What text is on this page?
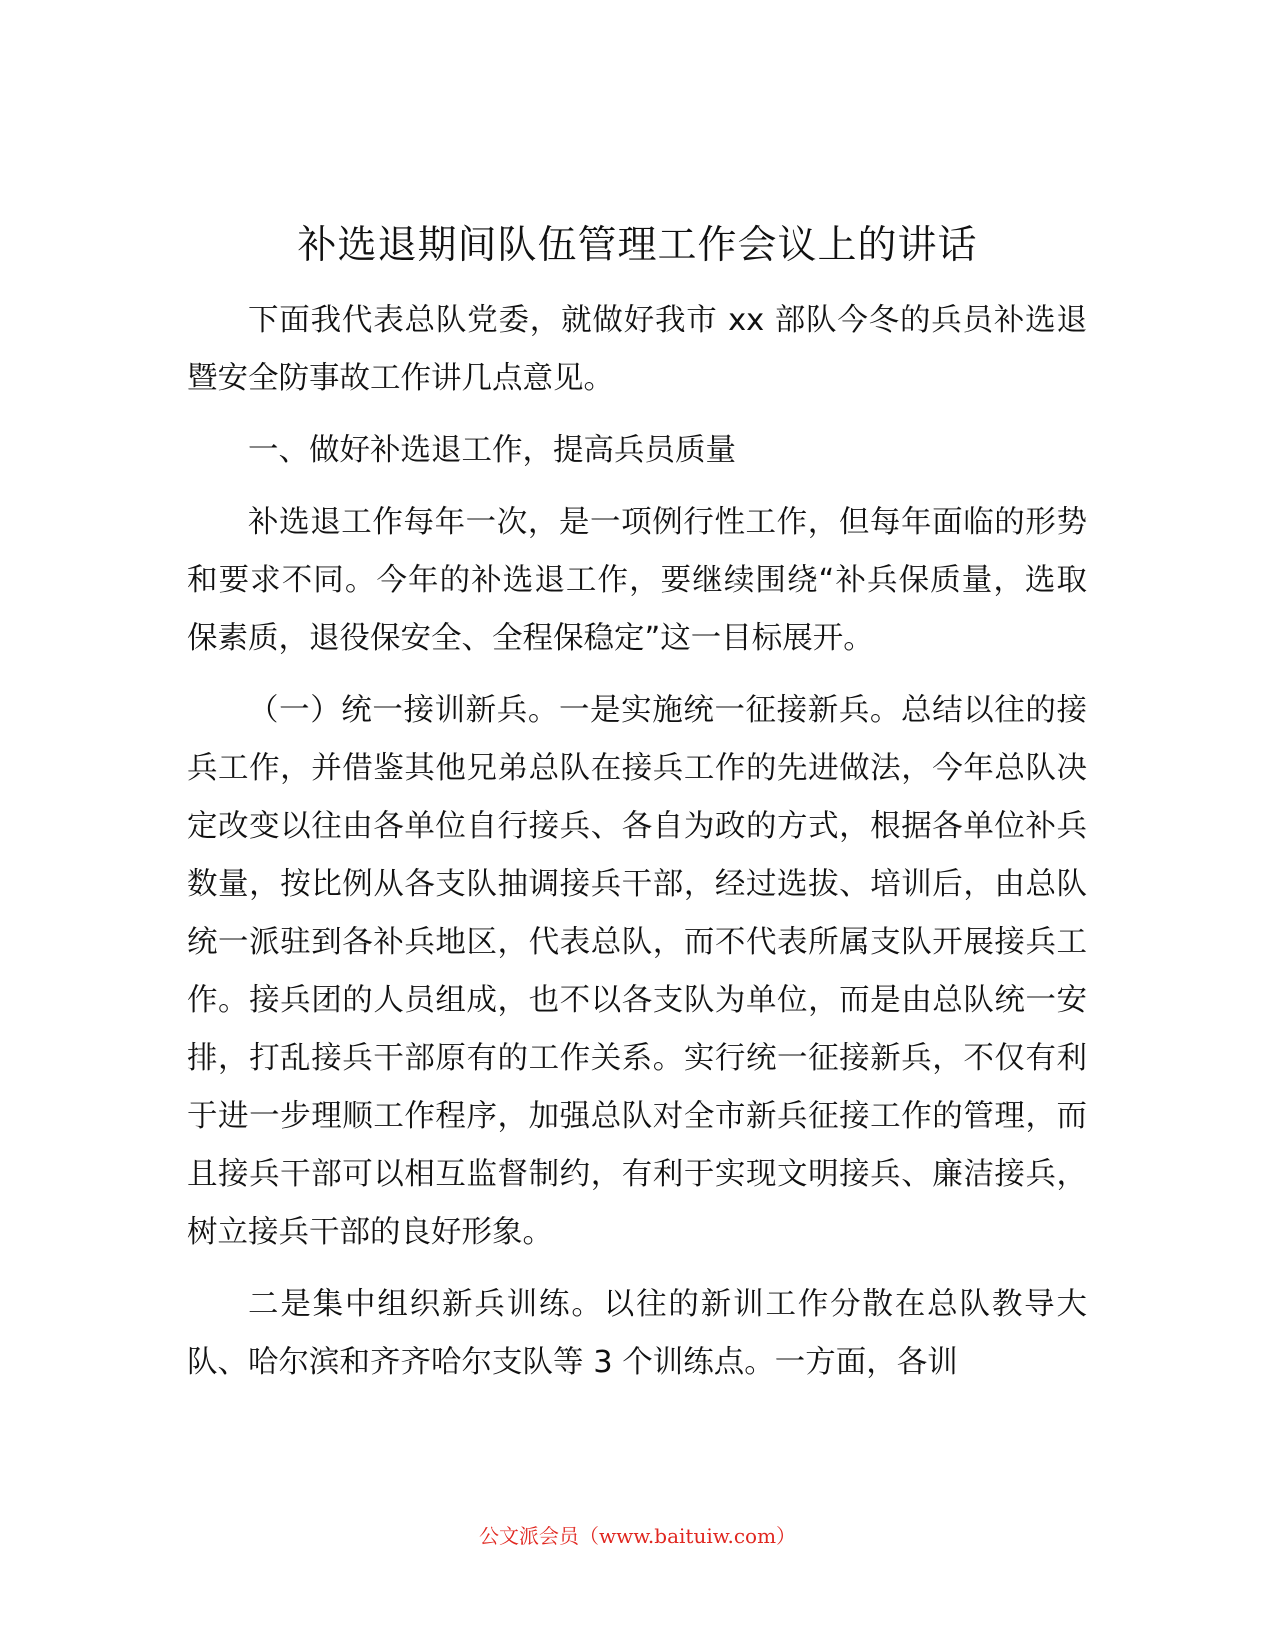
补选退期间队伍管理工作会议上的讲话

下面我代表总队党委，就做好我市 xx 部队今冬的兵员补选退暨安全防事故工作讲几点意见。

一、做好补选退工作，提高兵员质量

补选退工作每年一次，是一项例行性工作，但每年面临的形势和要求不同。今年的补选退工作，要继续围绕“补兵保质量，选取保素质，退役保安全、全程保稳定”这一目标展开。

（一）统一接训新兵。一是实施统一征接新兵。总结以往的接兵工作，并借鉴其他兄弟总队在接兵工作的先进做法，今年总队决定改变以往由各单位自行接兵、各自为政的方式，根据各单位补兵数量，按比例从各支队抽调接兵干部，经过选拔、培训后，由总队统一派驻到各补兵地区，代表总队，而不代表所属支队开展接兵工作。接兵团的人员组成，也不以各支队为单位，而是由总队统一安排，打乱接兵干部原有的工作关系。实行统一征接新兵，不仅有利于进一步理顺工作程序，加强总队对全市新兵征接工作的管理，而且接兵干部可以相互监督制约，有利于实现文明接兵、廉洁接兵，树立接兵干部的良好形象。

二是集中组织新兵训练。以往的新训工作分散在总队教导大队、哈尔滨和齐齐哈尔支队等 3 个训练点。一方面，各训

公文派会员（www.baituiw.com）
